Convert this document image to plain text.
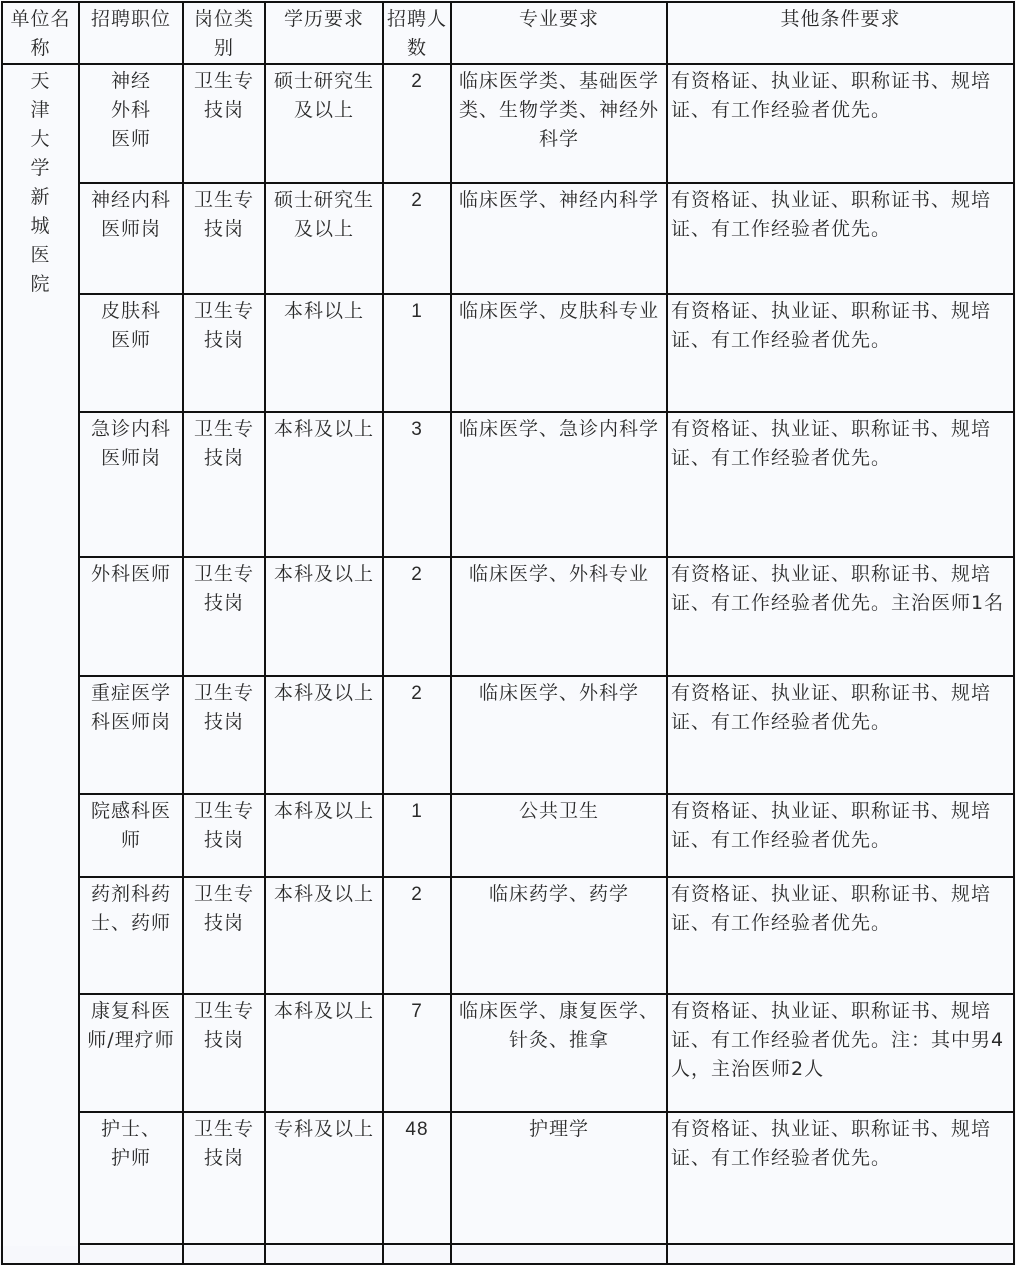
单位名称	招聘职位	岗位类别	学历要求	招聘人数	专业要求	其他条件要求

天
津
大
学
新
城
医
院
	神经外科医师	卫生专技岗	硕士研究生及以上	2	临床医学类、基础医学类、生物学类、神经外科学	有资格证、执业证、职称证书、规培证、有工作经验者优先。
	神经内科医师岗	卫生专技岗	硕士研究生及以上	2	临床医学、神经内科学	有资格证、执业证、职称证书、规培证、有工作经验者优先。
	皮肤科医师	卫生专技岗	本科以上	1	临床医学、皮肤科专业	有资格证、执业证、职称证书、规培证、有工作经验者优先。
	急诊内科医师岗	卫生专技岗	本科及以上	3	临床医学、急诊内科学	有资格证、执业证、职称证书、规培证、有工作经验者优先。
	外科医师	卫生专技岗	本科及以上	2	临床医学、外科专业	有资格证、执业证、职称证书、规培证、有工作经验者优先。主治医师1名
	重症医学科医师岗	卫生专技岗	本科及以上	2	临床医学、外科学	有资格证、执业证、职称证书、规培证、有工作经验者优先。
	院感科医师	卫生专技岗	本科及以上	1	公共卫生	有资格证、执业证、职称证书、规培证、有工作经验者优先。
	药剂科药士、药师	卫生专技岗	本科及以上	2	临床药学、药学	有资格证、执业证、职称证书、规培证、有工作经验者优先。
	康复科医师/理疗师	卫生专技岗	本科及以上	7	临床医学、康复医学、针灸、推拿	有资格证、执业证、职称证书、规培证、有工作经验者优先。注：其中男4人，主治医师2人
	护士、护师	卫生专技岗	专科及以上	48	护理学	有资格证、执业证、职称证书、规培证、有工作经验者优先。
